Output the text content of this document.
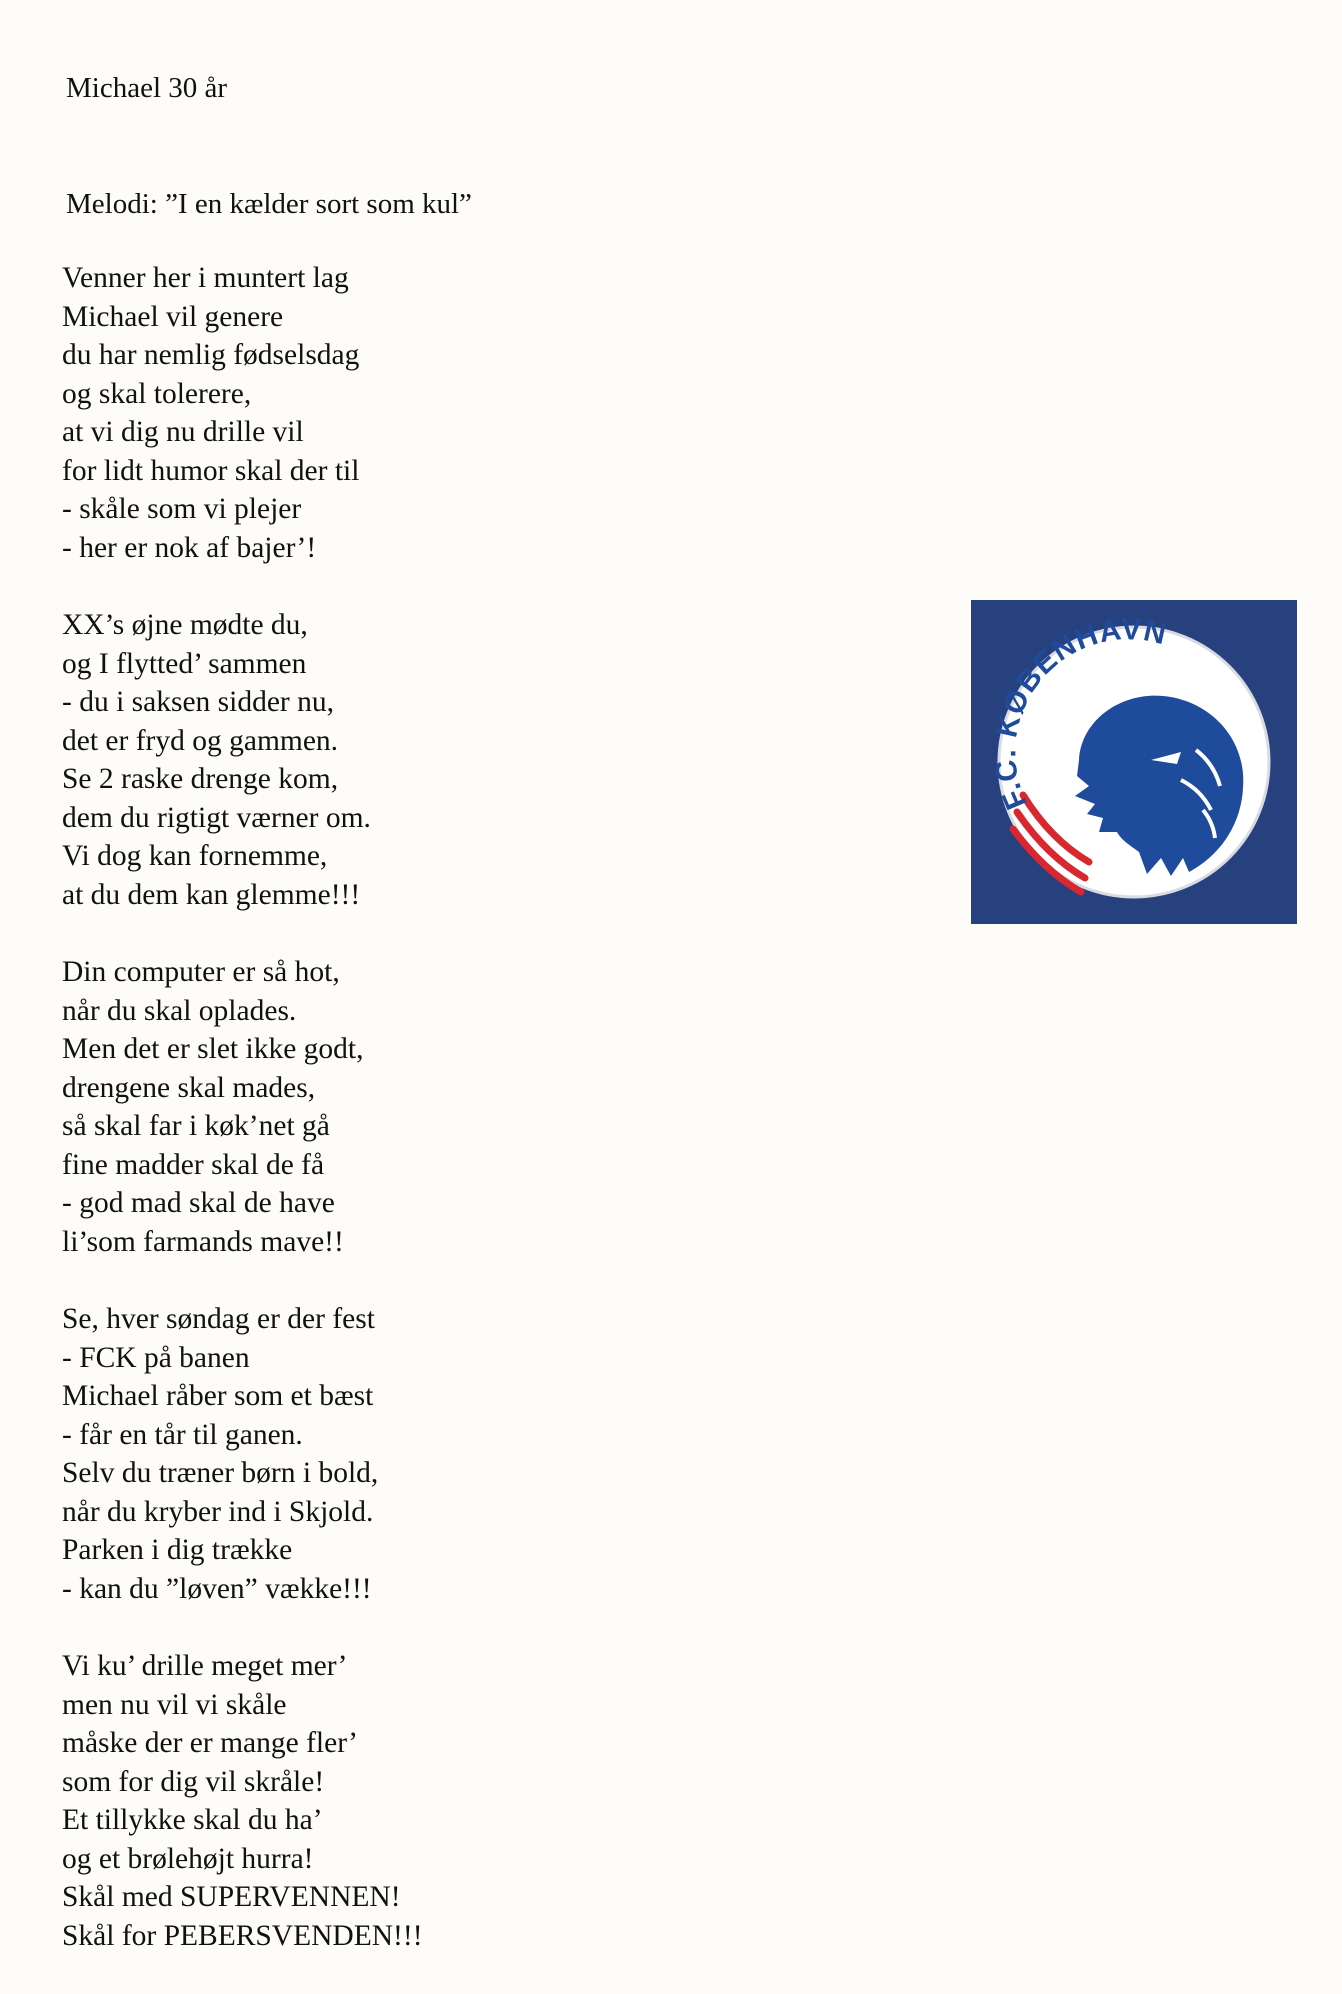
Michael 30 år

Melodi: ”I en kælder sort som kul”

Venner her i muntert lag
Michael vil genere
du har nemlig fødselsdag
og skal tolerere,
at vi dig nu drille vil
for lidt humor skal der til
- skåle som vi plejer
- her er nok af bajer’!
XX’s øjne mødte du,
og I flytted’ sammen
- du i saksen sidder nu,
det er fryd og gammen.
Se 2 raske drenge kom,
dem du rigtigt værner om.
Vi dog kan fornemme,
at du dem kan glemme!!!
Din computer er så hot,
når du skal oplades.
Men det er slet ikke godt,
drengene skal mades,
så skal far i køk’net gå
fine madder skal de få
- god mad skal de have
li’som farmands mave!!
Se, hver søndag er der fest
- FCK på banen
Michael råber som et bæst
- får en tår til ganen.
Selv du træner børn i bold,
når du kryber ind i Skjold.
Parken i dig trække
- kan du ”løven” vække!!!
Vi ku’ drille meget mer’
men nu vil vi skåle
måske der er mange fler’
som for dig vil skråle!
Et tillykke skal du ha’
og et brølehøjt hurra!
Skål med SUPERVENNEN!
Skål for PEBERSVENDEN!!!
F.C. KØBENHAVN
